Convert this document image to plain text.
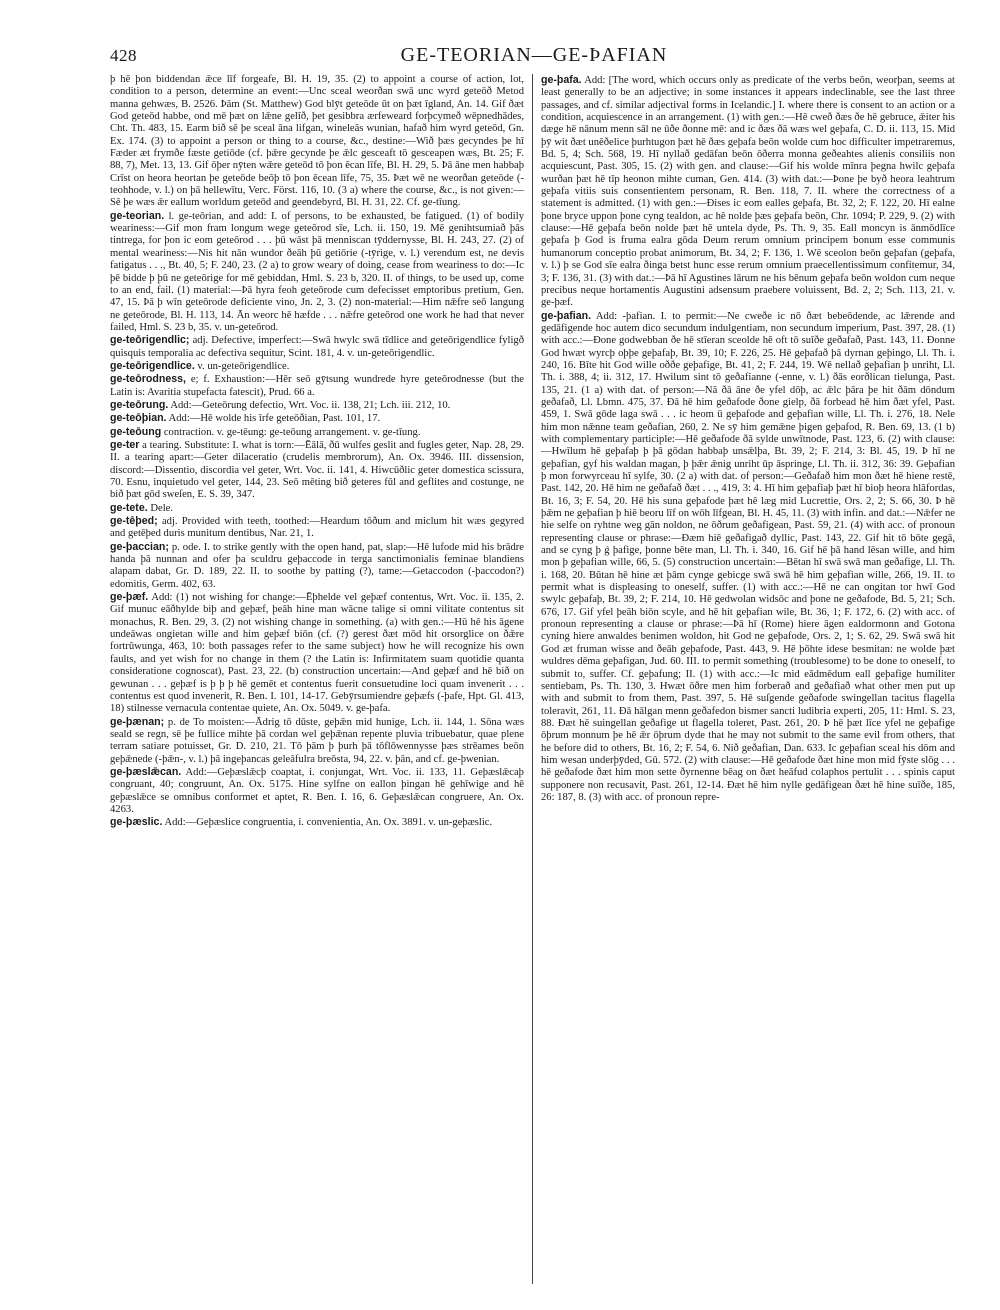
428	GE-TEORIAN—GE-ÞAFIAN

þ hē þon biddendan ǣce līf forgeafe, Bl. H. 19, 35. (2) to appoint a course of action, lot, condition to a person, determine an event:—Unc sceal weorðan swā unc wyrd geteōð Metod manna gehwæs, B. 2526. Þām (St. Matthew) God blȳt geteōde ūt on þæt īgland, An. 14. Gif ðæt God geteōd habbe, ond mē þæt on lǣne gelīð, þet gesibbra ærfeweard forþcymeð wēpnedhādes, Cht. Th. 483, 15. Earm bið sē þe sceal āna lifgan, wineleās wunian, hafað him wyrd geteōd, Gn. Ex. 174. (3) to appoint a person or thing to a course, &c., destine:—Wið þæs gecyndes þe hī Fæder æt frymðe fæste getiōde (cf. þǣre gecynde þe ǣlc gesceaft tō gesceapen wæs, Bt. 25; F. 88, 7), Met. 13, 13. Gif ōþer nȳten wǣre geteōd tō þon ēcan līfe, Bl. H. 29, 5. Þā āne men habbaþ Crīst on heora heortan þe geteōde beōþ tō þon ēcean līfe, 75, 35. Þæt wē ne weorðan geteōde (-teohhode, v. l.) on þā hellewītu, Verc. Först. 116, 10. (3 a) where the course, &c., is not given:—Sē þe wæs ǣr eallum worldum geteōd and geendebyrd, Bl. H. 31, 22. Cf. ge-tīung.

ge-teorian. l. ge-teōrian, and add: I. of persons, to be exhausted, be fatigued. (1) of bodily weariness:—Gif mon fram longum wege geteōrod sīe, Lch. ii. 150, 19. Mē genihtsumiað þās tintrega, for þon ic eom geteōrod . . . þū wāst þā menniscan tȳddernysse, Bl. H. 243, 27. (2) of mental weariness:—Nis hit nān wundor ðeāh þū getiōrie (-tȳrige, v. l.) verendum est, ne devis fatigatus . . ., Bt. 40, 5; F. 240, 23. (2 a) to grow weary of doing, cease from weariness to do:—Ic þē bidde þ þū ne geteōrige for mē gebiddan, Hml. S. 23 b, 320. II. of things, to be used up, come to an end, fail. (1) material:—Þā hyra feoh geteōrode cum defecisset emptoribus pretium, Gen. 47, 15. Þā þ wīn geteōrode deficiente vino, Jn. 2, 3. (2) non-material:—Him nǣfre seō langung ne geteōrode, Bl. H. 113, 14. Ān weorc hē hæfde . . . nǣfre geteōrod one work he had that never failed, Hml. S. 23 b, 35. v. un-geteōrod.

ge-teōrigendlic; adj. Defective, imperfect:—Swā hwylc swā tīdlice and geteōrigendlice fyligð quisquis temporalia ac defectiva sequitur, Scint. 181, 4. v. un-geteōrigendlic.

ge-teōrigendlice. v. un-geteōrigendlice.

ge-teōrodness, e; f. Exhaustion:—Hēr seō gȳtsung wundrede hyre geteōrodnesse (but the Latin is: Avaritia stupefacta fatescit), Prud. 66 a.

ge-teōrung. Add:—Geteōrung defectio, Wrt. Voc. ii. 138, 21; Lch. iii. 212, 10.

ge-teōþian. Add:—Hē wolde his īrfe geteōðian, Past. 101, 17.

ge-teōung contraction. v. ge-tēung: ge-teōung arrangement. v. ge-tīung.

ge-ter a tearing. Substitute: I. what is torn:—Ēālā, ðū wulfes geslit and fugles geter, Nap. 28, 29. II. a tearing apart:—Geter dilaceratio (crudelis membrorum), An. Ox. 3946. III. dissension, discord:—Dissentio, discordia vel geter, Wrt. Voc. ii. 141, 4. Hiwcūðlic geter domestica scissura, 70. Esnu, inquietudo vel geter, 144, 23. Seō mēting bið geteres fūl and geflites and costunge, ne bið þæt gōd sweſen, E. S. 39, 347.

ge-tete. Dele.

ge-tēþed; adj. Provided with teeth, toothed:—Heardum tōðum and miclum hit wæs gegyred and getēþed duris munitum dentibus, Nar. 21, 1.

ge-þaccian; p. ode. I. to strike gently with the open hand, pat, slap:—Hē lufode mid his brādre handa þā nunnan and ofer þa sculdru geþaccode in terga sanctimonialis feminae blandiens alapam dabat, Gr. D. 189, 22. II. to soothe by patting (?), tame:—Getaccodon (-þaccodon?) edomitis, Germ. 402, 63.

ge-þæf. Add: (1) not wishing for change:—Ēþhelde vel geþæf contentus, Wrt. Voc. ii. 135, 2. Gif munuc eāðhylde biþ and geþæf, þeāh hine man wācne talige si omni vilitate contentus sit monachus, R. Ben. 29, 3. (2) not wishing change in something. (a) with gen.:—Hū hē his āgene undeāwas ongietan wille and him geþæf biōn (cf. (?) gerest ðæt mōd hit orsorglice on ðǣre fortrūwunga, 463, 10: both passages refer to the same subject) how he will recognize his own faults, and yet wish for no change in them (? the Latin is: Infirmitatem suam quotidie quanta consideratione cognoscat), Past. 23, 22. (b) construction uncertain:—And geþæf and hē bið on gewunan . . . geþæf is þ þ þ hē gemēt et contentus fuerit consuetudine loci quam invenerit . . . contentus est quod invenerit, R. Ben. I. 101, 14-17. Gebȳrsumiendre geþæfs (-þafe, Hpt. Gl. 413, 18) stilnesse vernacula contentae quiete, An. Ox. 5049. v. ge-þafa.

ge-þænan; p. de To moisten:—Ādrig tō dūste, geþǣn mid hunige, Lch. ii. 144, 1. Sōna wæs seald se regn, sē þe fullice mihte þā cordan wel geþǣnan repente pluvia tribuebatur, quae plene terram satiare potuisset, Gr. D. 210, 21. Tō þām þ þurh þā tōflōwennysse þæs strēames beōn geþǣnede (-þǣn-, v. l.) þā ingeþancas geleāfulra breōsta, 94, 22. v. þān, and cf. ge-þwenian.

ge-þæslǣcan. Add:—Geþæslǣcþ coaptat, i. conjungat, Wrt. Voc. ii. 133, 11. Geþæslǣcaþ congruant, 40; congruunt, An. Ox. 5175. Hine sylfne on eallon þingan hē gehīwige and hē geþæslǣce se omnibus conformet et aptet, R. Ben. I. 16, 6. Geþæslǣcan congruere, An. Ox. 4263.

ge-þæslic. Add:—Geþæslice congruentia, i. convenientia, An. Ox. 3891. v. un-geþæslic.

ge-þafa. Add: [The word, which occurs only as predicate of the verbs beōn, weorþan, seems at least generally to be an adjective; in some instances it appears indeclinable, see the last three passages, and cf. similar adjectival forms in Icelandic.] I. where there is consent to an action or a condition, acquiescence in an arrangement. (1) with gen.:—Hē cweð ðæs ðe hē gebruce, ǣiter his dæge hē nānum menn sāl ne ūðe ðonne mē: and ic ðæs ðā wæs wel geþafa, C. D. ii. 113, 15. Mid þȳ wit ðæt unēðelice þurhtugon þæt hē ðæs geþafa beōn wolde cum hoc difficulter impetraremus, Bd. 5, 4; Sch. 568, 19. Hī nyllað gedāfan beōn ōðerra monna geðeahtes alienis consiliis non acquiescunt, Past. 305, 15. (2) with gen. and clause:—Gif his wolde mīnra þegna hwilc geþafa wurðan þæt hē tīp heonon mihte cuman, Gen. 414. (3) with dat.:—Þone þe byð heora leahtrum geþafa vitiis suis consentientem personam, R. Ben. 118, 7. II. where the correctness of a statement is admitted. (1) with gen.:—Ðises ic eom ealles geþafa, Bt. 32, 2; F. 122, 20. Hī ealne þone bryce uppon þone cyng tealdon, ac hē nolde þæs geþafa beōn, Chr. 1094; P. 229, 9. (2) with clause:—Hē geþafa beōn nolde þæt hē untela dyde, Ps. Th. 9, 35. Eall moncyn is ānmōdlīce geþafa þ God is fruma ealra gōda Deum rerum omnium principem bonum esse communis humanorum conceptio probat animorum, Bt. 34, 2; F. 136, 1. Wē sceolon beōn geþafan (geþafa, v. l.) þ se God sīe ealra ðinga betst hunc esse rerum omnium praecellentissimum confitemur, 34, 3; F. 136, 31. (3) with dat.:—Þā hī Agustines lārum ne his bēnum geþafa beōn woldon cum neque precibus neque hortamentis Augustini adsensum praebere voluissent, Bd. 2, 2; Sch. 113, 21. v. ge-þæf.

ge-þafian. Add: -þafian. I. to permit:—Ne cweðe ic nō ðæt bebeōdende, ac lǣrende and gedāfigende hoc autem dico secundum indulgentiam, non secundum imperium, Past. 397, 28. (1) with acc.:—Ðone godwebban ðe hē stīeran sceolde hē oft tō suīðe geðafað, Past. 143, 11. Ðonne God hwæt wyrcþ oþþe geþafaþ, Bt. 39, 10; F. 226, 25. Hē geþafað þā dyrnan geþingo, Ll. Th. i. 240, 16. Bīte hit God wille oððe geþafige, Bt. 41, 2; F. 244, 19. Wē nellað geþafian þ unriht, Ll. Th. i. 388, 4; ii. 312, 17. Hwilum sint tō geðafianne (-enne, v. l.) ðās eorðlican tielunga, Past. 135, 21. (1 a) with dat. of person:—Nā ðā āne ðe yfel dōþ, ac ǣlc þāra þe hit ðām dōndum geðafað, Ll. Lbmn. 475, 37. Ðā hē him geðafode ðone gielp, ðā forbead hē him ðæt yfel, Past. 459, 1. Swā gōde laga swā . . . ic heom ū geþafode and geþafian wille, Ll. Th. i. 276, 18. Nele him mon nǣnne team geðafian, 260, 2. Ne sȳ him gemǣne þigen geþafod, R. Ben. 69, 13. (1 b) with complementary participle:—Hē geðafode ðā sylde unwītnode, Past. 123, 6. (2) with clause:—Hwīlum hē geþafaþ þ þā gōdan habbaþ unsǣlþa, Bt. 39, 2; F. 214, 3: Bl. 45, 19. Þ hī ne geþafian, gyf his waldan magan, þ þǣr ǣnig unriht ūp āspringe, Ll. Th. ii. 312, 36: 39. Geþafian þ mon forwyrceau hī sylfe, 30. (2 a) with dat. of person:—Geðafað him mon ðæt hē hiene restē, Past. 142, 20. Hē him ne geðafað ðæt . . ., 419, 3: 4. Hī him geþafiaþ þæt hī bioþ heora hlāfordas, Bt. 16, 3; F. 54, 20. Hē his suna geþafode þæt hē læg mid Lucrettie, Ors. 2, 2; S. 66, 30. Þ hē þǣm ne geþafian þ hiē beoru līf on wōh līfgean, Bl. H. 45, 11. (3) with infin. and dat.:—Nǣfer ne hie selfe on ryhtne weg gān noldon, ne ōðrum geðafigean, Past. 59, 21. (4) with acc. of pronoun representing clause or phrase:—Ðæm hiē geðafigað dyllic, Past. 143, 22. Gif hit tō bōte gegā, and se cyng þ ǵ þafige, þonne bēte man, Ll. Th. i. 340, 16. Gif hē þā hand lēsan wille, and him mon þ geþafian wille, 66, 5. (5) construction uncertain:—Bētan hī swā swā man geðafige, Ll. Th. i. 168, 20. Būtan hē hine æt þām cynge gebicge swā swā hē him geþafian wille, 266, 19. II. to permit what is displeasing to oneself, suffer. (1) with acc.:—Hē ne can ongitan tor hwī God swylc geþafaþ, Bt. 39, 2; F. 214, 10. Hē gedwolan widsōc and þone ne geðafode, Bd. 5, 21; Sch. 676, 17. Gif yfel þeāh biōn scyle, and hē hit geþafian wile, Bt. 36, 1; F. 172, 6. (2) with acc. of pronoun representing a clause or phrase:—Þā hī (Rome) hiere āgen ealdormonn and Gotona cyning hiere anwaldes benimen woldon, hit God ne geþafode, Ors. 2, 1; S. 62, 29. Swā swā hit God æt fruman wisse and ðeāh geþafode, Past. 443, 9. Hē þōhte idese besmitan: ne wolde þæt wuldres dēma geþafigan, Jud. 60. III. to permit something (troublesome) to be done to oneself, to submit to, suffer. Cf. geþafung; II. (1) with acc.:—Ic mid eādmēdum eall geþafige humiliter sentiebam, Ps. Th. 130, 3. Hwæt ōðre men him forberað and geðafiað what other men put up with and submit to from them, Past. 397, 5. Hē suſgende geðafode swingellan tacitus flagella toleravit, 261, 11. Ðā hālgan menn geðafedon bismer sancti ludibria experti, 205, 11: Hml. S. 23, 88. Ðæt hē suingellan geðafige ut flagella toleret, Past. 261, 20. Þ hē þæt līce yfel ne geþafige ōþrum monnum þe hē ǣr ōþrum dyde that he may not submit to the same evil from others, that he before did to others, Bt. 16, 2; F. 54, 6. Nið geðafian, Dan. 633. Ic geþafian sceal his dōm and him wesan underþȳded, Gū. 572. (2) with clause:—Hē geðafode ðæt hine mon mid fȳste slōg . . . hē geðafode ðæt him mon sette ðyrnenne bēag on ðæt heāfud colaphos pertulit . . . spinis caput supponere non recusavit, Past. 261, 12-14. Ðæt hē him nylle gedāfigean ðæt hē hine suīðe, 185, 26: 187, 8. (3) with acc. of pronoun repre-
